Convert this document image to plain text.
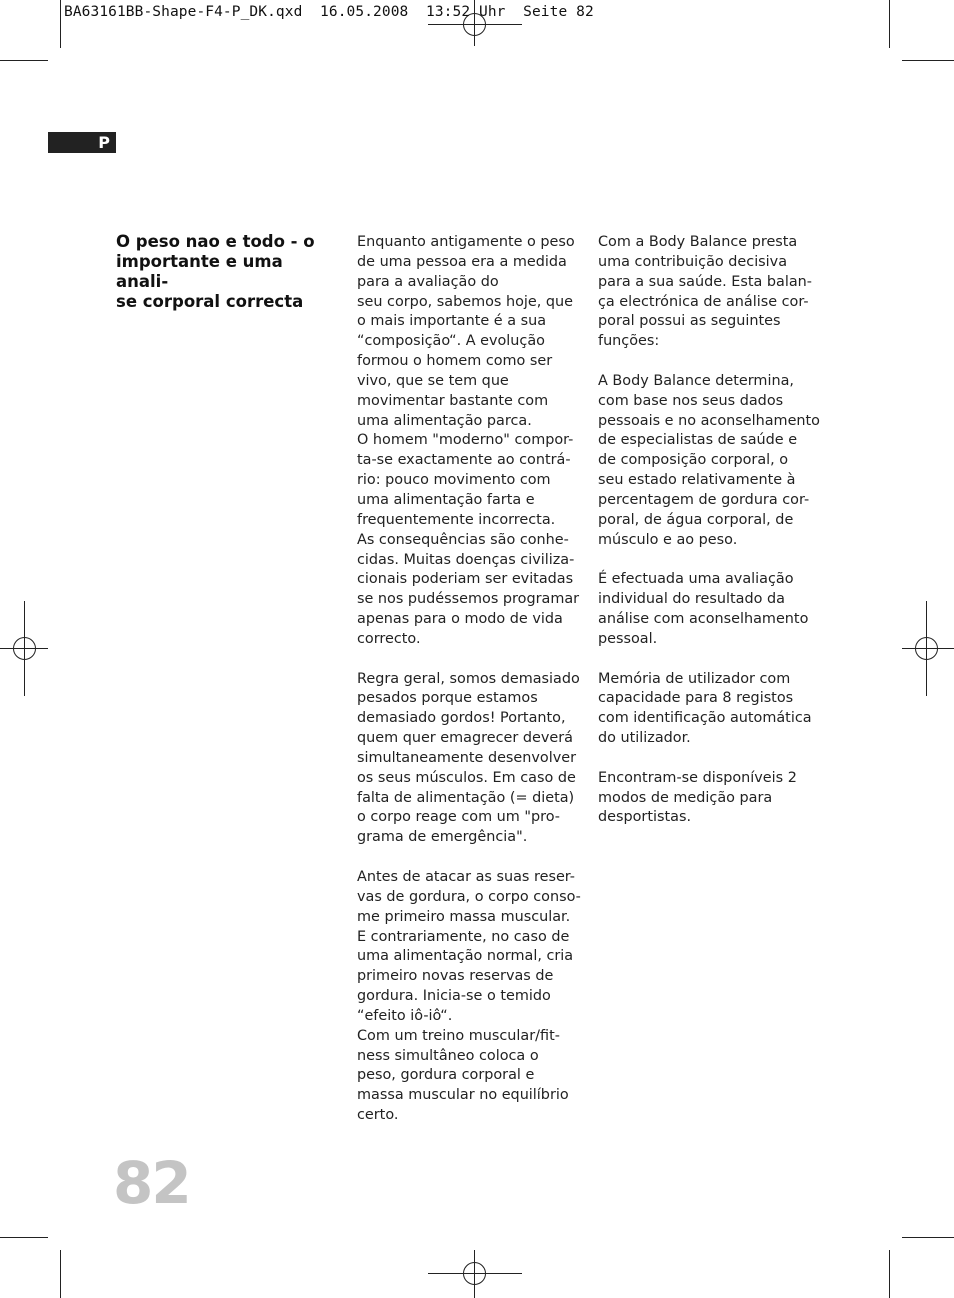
BA63161BB-Shape-F4-P_DK.qxd  16.05.2008  13:52 Uhr  Seite 82
P
O peso nao e todo - o importante e uma anali-
se corporal correcta

Enquanto antigamente o peso
de uma pessoa era a medida
para a avaliação do
seu corpo, sabemos hoje, que
o mais importante é a sua
“composição“. A evolução
formou o homem como ser
vivo, que se tem que
movimentar bastante com
uma alimentação parca.
O homem "moderno" compor-
ta-se exactamente ao contrá-
rio: pouco movimento com
uma alimentação farta e
frequentemente incorrecta.
As consequências são conhe-
cidas. Muitas doenças civiliza-
cionais poderiam ser evitadas
se nos pudéssemos programar
apenas para o modo de vida
correcto.

Regra geral, somos demasiado
pesados porque estamos
demasiado gordos! Portanto,
quem quer emagrecer deverá
simultaneamente desenvolver
os seus músculos. Em caso de
falta de alimentação (= dieta)
o corpo reage com um "pro-
grama de emergência".

Antes de atacar as suas reser-
vas de gordura, o corpo conso-
me primeiro massa muscular.
E contrariamente, no caso de
uma alimentação normal, cria
primeiro novas reservas de
gordura. Inicia-se o temido
“efeito iô-iô“.
Com um treino muscular/fit-
ness simultâneo coloca o
peso, gordura corporal e
massa muscular no equilíbrio
certo.

Com a Body Balance presta
uma contribuição decisiva
para a sua saúde. Esta balan-
ça electrónica de análise cor-
poral possui as seguintes
funções:

A Body Balance determina,
com base nos seus dados
pessoais e no aconselhamento
de especialistas de saúde e
de composição corporal, o
seu estado relativamente à
percentagem de gordura cor-
poral, de água corporal, de
músculo e ao peso.

É efectuada uma avaliação
individual do resultado da
análise com aconselhamento
pessoal.

Memória de utilizador com
capacidade para 8 registos
com identificação automática
do utilizador.

Encontram-se disponíveis 2
modos de medição para
desportistas.

82
